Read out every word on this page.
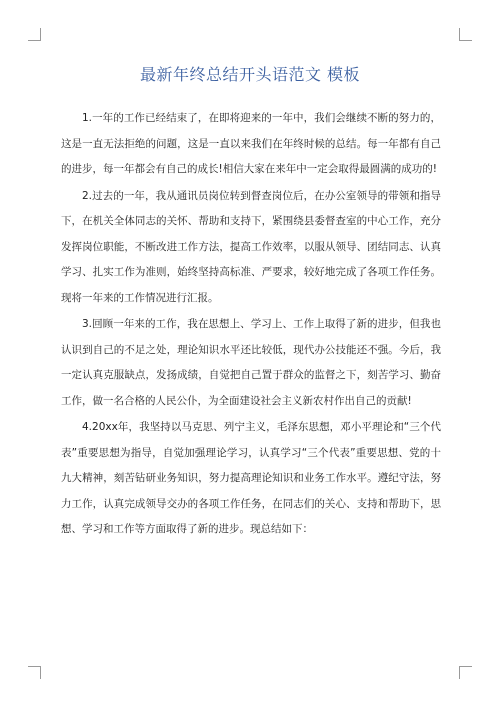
最新年终总结开头语范文 模板

1.一年的工作已经结束了，在即将迎来的一年中，我们会继续不断的努力的，这是一直无法拒绝的问题，这是一直以来我们在年终时候的总结。每一年都有自己的进步，每一年都会有自己的成长!相信大家在来年中一定会取得最圆满的成功的!

2.过去的一年，我从通讯员岗位转到督查岗位后，在办公室领导的带领和指导下，在机关全体同志的关怀、帮助和支持下，紧围绕县委督查室的中心工作，充分发挥岗位职能，不断改进工作方法，提高工作效率，以服从领导、团结同志、认真学习、扎实工作为准则，始终坚持高标准、严要求，较好地完成了各项工作任务。现将一年来的工作情况进行汇报。

3.回顾一年来的工作，我在思想上、学习上、工作上取得了新的进步，但我也认识到自己的不足之处，理论知识水平还比较低，现代办公技能还不强。今后，我一定认真克服缺点，发扬成绩，自觉把自己置于群众的监督之下，刻苦学习、勤奋工作，做一名合格的人民公仆，为全面建设社会主义新农村作出自己的贡献!

4.20xx年，我坚持以马克思、列宁主义，毛泽东思想，邓小平理论和“三个代表”重要思想为指导，自觉加强理论学习，认真学习“三个代表”重要思想、党的十九大精神，刻苦钻研业务知识，努力提高理论知识和业务工作水平。遵纪守法，努力工作，认真完成领导交办的各项工作任务，在同志们的关心、支持和帮助下，思想、学习和工作等方面取得了新的进步。现总结如下：
